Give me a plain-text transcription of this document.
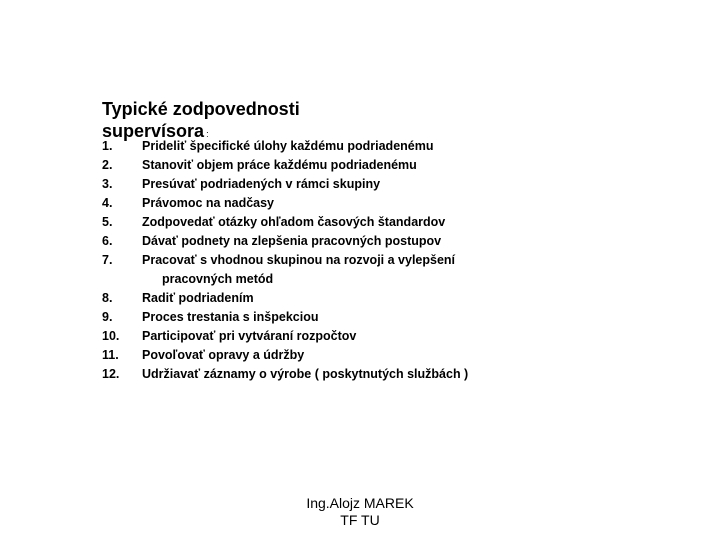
Typické zodpovednosti
supervísora :
1.	Prideliť špecifické úlohy každému podriadenému
2.	Stanoviť objem práce každému podriadenému
3.	Presúvať podriadených v rámci skupiny
4.	Právomoc na nadčasy
5.	Zodpovedať otázky ohľadom časových štandardov
6.	Dávať podnety na zlepšenia pracovných postupov
7.	Pracovať s vhodnou skupinou na rozvoji a vylepšení
pracovných metód
8.	Radiť podriadením
9.	Proces trestania s inšpekciou
10.	Participovať pri vytváraní rozpočtov
11.	Povoľovať opravy a údržby
12.	Udržiavať záznamy o výrobe ( poskytnutých službách )
Ing.Alojz MAREK
TF TU
